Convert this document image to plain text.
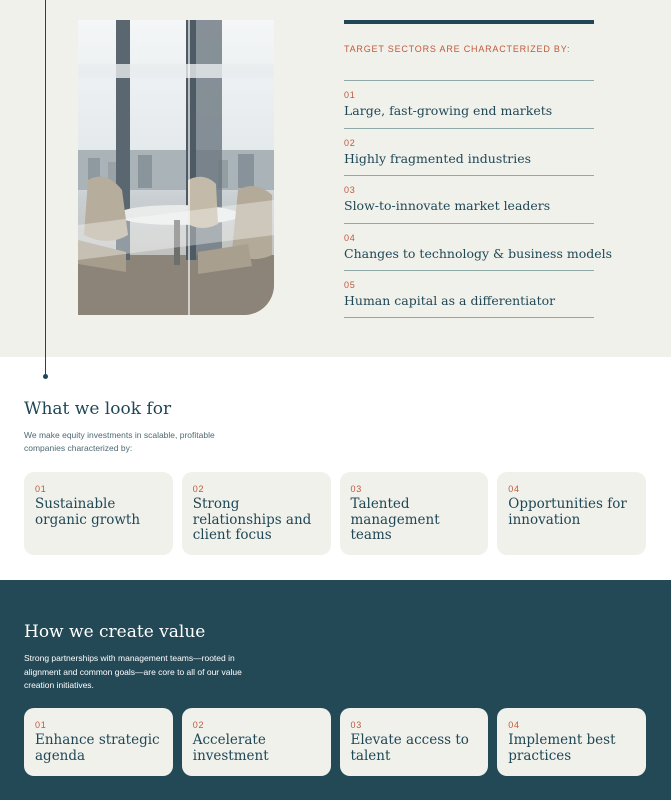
TARGET SECTORS ARE CHARACTERIZED BY:
01
Large, fast-growing end markets
02
Highly fragmented industries
03
Slow-to-innovate market leaders
04
Changes to technology & business models
05
Human capital as a differentiator
What we look for

We make equity investments in scalable, profitable companies characterized by:

01
Sustainable organic growth
02
Strong relationships and client focus
03
Talented management teams
04
Opportunities for innovation
How we create value

Strong partnerships with management teams—rooted in alignment and common goals—are core to all of our value creation initiatives.

01
Enhance strategic agenda
02
Accelerate investment
03
Elevate access to talent
04
Implement best practices
